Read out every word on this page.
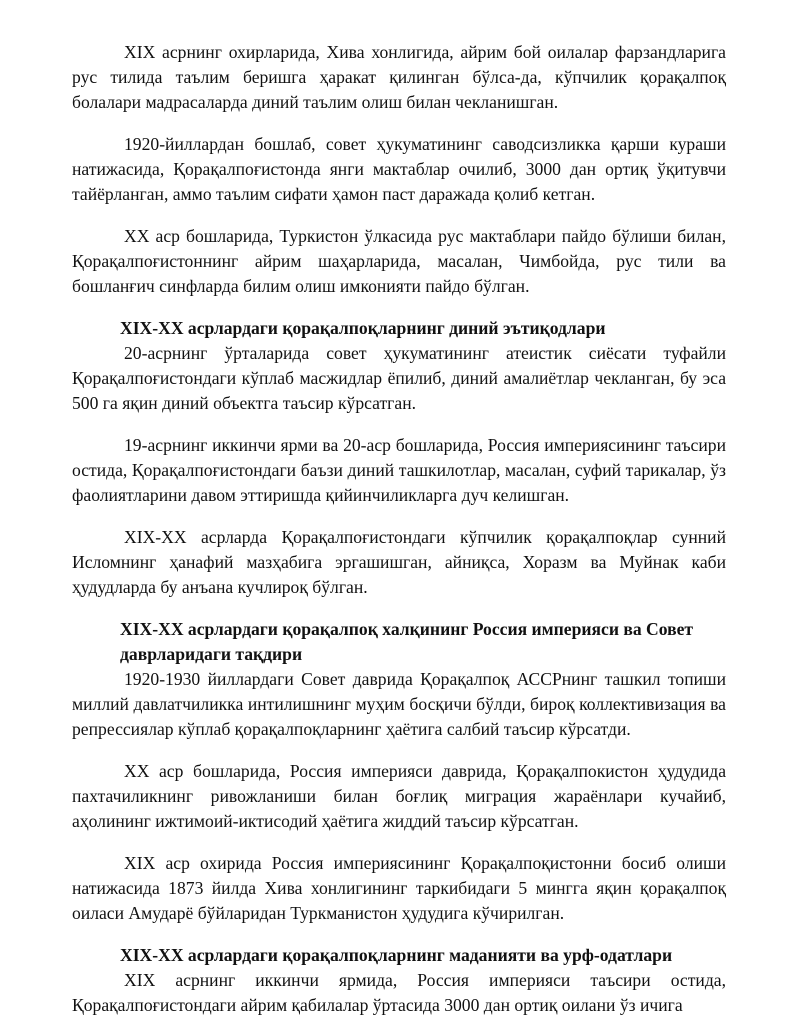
XIX асрнинг охирларида, Хива хонлигида, айрим бой оилалар фарзандларига рус тилида таълим беришга ҳаракат қилинган бўлса-да, кўпчилик қорақалпоқ болалари мадрасаларда диний таълим олиш билан чекланишган.

1920-йиллардан бошлаб, совет ҳукуматининг саводсизликка қарши кураши натижасида, Қорақалпоғистонда янги мактаблар очилиб, 3000 дан ортиқ ўқитувчи тайёрланган, аммо таълим сифати ҳамон паст даражада қолиб кетган.

XX аср бошларида, Туркистон ўлкасида рус мактаблари пайдо бўлиши билан, Қорақалпоғистоннинг айрим шаҳарларида, масалан, Чимбойда, рус тили ва бошланғич синфларда билим олиш имконияти пайдо бўлган.

XIX-XX асрлардаги қорақалпоқларнинг диний эътиқодлари

20-асрнинг ўрталарида совет ҳукуматининг атеистик сиёсати туфайли Қорақалпоғистондаги кўплаб масжидлар ёпилиб, диний амалиётлар чекланган, бу эса 500 га яқин диний объектга таъсир кўрсатган.

19-асрнинг иккинчи ярми ва 20-аср бошларида, Россия империясининг таъсири остида, Қорақалпоғистондаги баъзи диний ташкилотлар, масалан, суфий тарикалар, ўз фаолиятларини давом эттиришда қийинчиликларга дуч келишган.

XIX-XX асрларда Қорақалпоғистондаги кўпчилик қорақалпоқлар сунний Исломнинг ҳанафий мазҳабига эргашишган, айниқса, Хоразм ва Муйнак каби ҳудудларда бу анъана кучлироқ бўлган.

XIX-XX асрлардаги қорақалпоқ халқининг Россия империяси ва Совет даврларидаги тақдири

1920-1930 йиллардаги Совет даврида Қорақалпоқ АССРнинг ташкил топиши миллий давлатчиликка интилишнинг муҳим босқичи бўлди, бироқ коллективизация ва репрессиялар кўплаб қорақалпоқларнинг ҳаётига салбий таъсир кўрсатди.

XX аср бошларида, Россия империяси даврида, Қорақалпокистон ҳудудида пахтачиликнинг ривожланиши билан боғлиқ миграция жараёнлари кучайиб, аҳолининг ижтимоий-иктисодий ҳаётига жиддий таъсир кўрсатган.

XIX аср охирида Россия империясининг Қорақалпоқистонни босиб олиши натижасида 1873 йилда Хива хонлигининг таркибидаги 5 мингга яқин қорақалпоқ оиласи Амударё бўйларидан Туркманистон ҳудудига кўчирилган.

XIX-XX асрлардаги қорақалпоқларнинг маданияти ва урф-одатлари

XIX асрнинг иккинчи ярмида, Россия империяси таъсири остида, Қорақалпоғистондаги айрим қабилалар ўртасида 3000 дан ортиқ оилани ўз ичига
